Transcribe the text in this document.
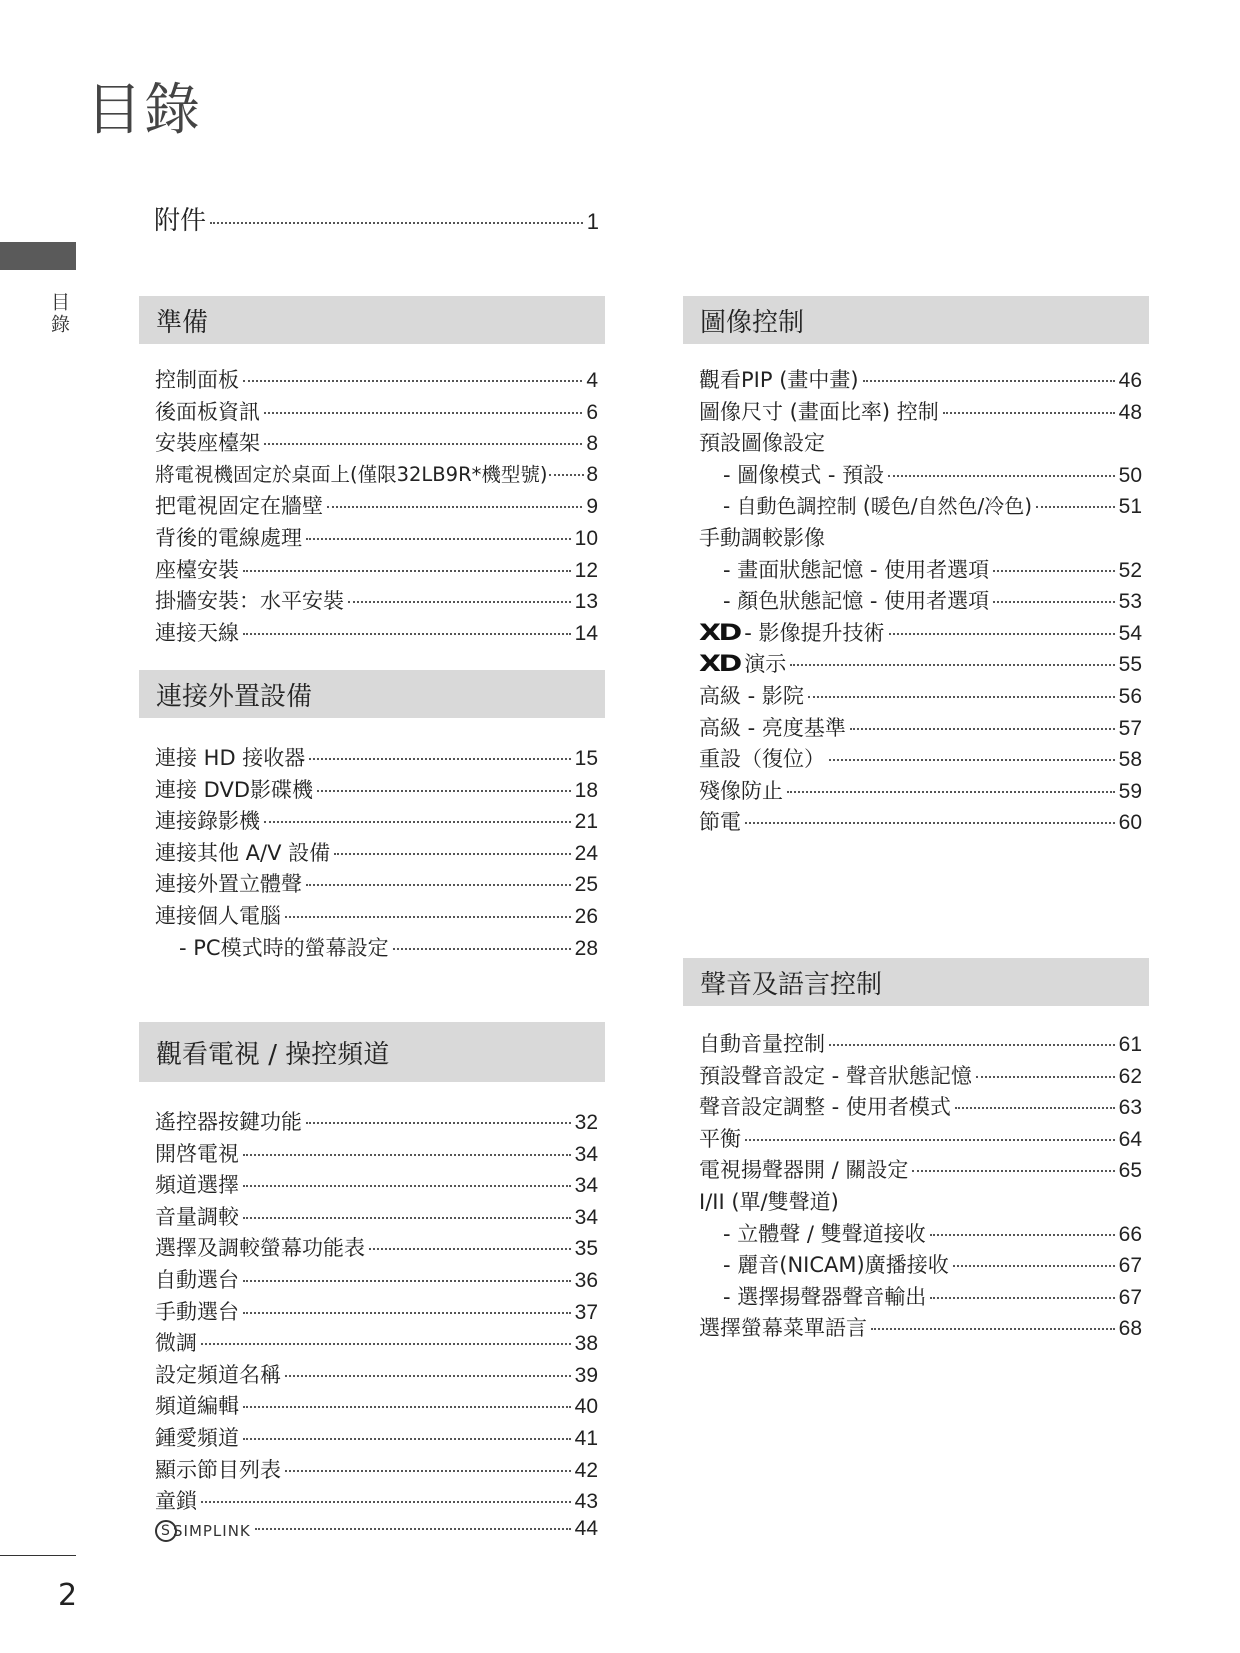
目錄
目錄
2
附件	1
準備
控制面板	4
後面板資訊	6
安裝座檯架	8
將電視機固定於桌面上(僅限32LB9R*機型號) 8
把電視固定在牆壁	9
背後的電線處理	10
座檯安裝	12
掛牆安裝：水平安裝	13
連接天線	14
連接外置設備
連接 HD 接收器	15
連接 DVD影碟機	18
連接錄影機	21
連接其他 A/V 設備	24
連接外置立體聲	25
連接個人電腦	26
- PC模式時的螢幕設定	28
觀看電視 / 操控頻道
遙控器按鍵功能	32
開啓電視	34
頻道選擇	34
音量調較	34
選擇及調較螢幕功能表	35
自動選台	36
手動選台	37
微調	38
設定頻道名稱	39
頻道編輯	40
鍾愛頻道	41
顯示節目列表	42
童鎖	43
S SIMPLINK	44
圖像控制
觀看PIP (畫中畫)	46
圖像尺寸 (畫面比率) 控制	48
預設圖像設定
- 圖像模式 - 預設	50
- 自動色調控制 (暖色/自然色/冷色)	51
手動調較影像
- 畫面狀態記憶 - 使用者選項	52
- 顏色狀態記憶 - 使用者選項	53
XD - 影像提升技術	54
XD 演示	55
高級 - 影院	56
高級 - 亮度基準	57
重設（復位）	58
殘像防止	59
節電	60
聲音及語言控制
自動音量控制	61
預設聲音設定 - 聲音狀態記憶	62
聲音設定調整 - 使用者模式	63
平衡	64
電視揚聲器開 / 關設定	65
I/II (單/雙聲道)
- 立體聲 / 雙聲道接收	66
- 麗音(NICAM)廣播接收	67
- 選擇揚聲器聲音輸出	67
選擇螢幕菜單語言	68
